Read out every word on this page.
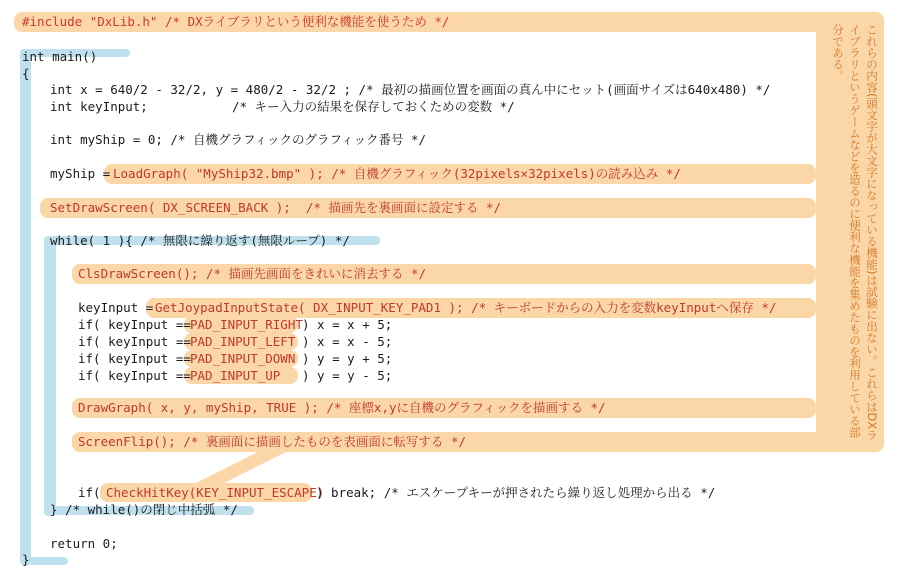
#include "DxLib.h" /* DXライブラリという便利な機能を使うため */
int main()
{
int x = 640/2 - 32/2, y = 480/2 - 32/2 ; /* 最初の描画位置を画面の真ん中にセット(画面サイズは640x480) */
int keyInput;	/* キー入力の結果を保存しておくための変数 */
int myShip = 0; /* 自機グラフィックのグラフィック番号 */
myShip =
LoadGraph( "MyShip32.bmp" ); /* 自機グラフィック(32pixels×32pixels)の読み込み */
SetDrawScreen( DX_SCREEN_BACK );  /* 描画先を裏画面に設定する */
while( 1 ){ /* 無限に繰り返す(無限ループ) */
ClsDrawScreen(); /* 描画先画面をきれいに消去する */
keyInput =
GetJoypadInputState( DX_INPUT_KEY_PAD1 ); /* キーボードからの入力を変数keyInputへ保存 */
if( keyInput == PAD_INPUT_RIGHT ) x = x + 5;
if( keyInput == PAD_INPUT_LEFT ) x = x - 5;
if( keyInput == PAD_INPUT_DOWN ) y = y + 5;
if( keyInput == PAD_INPUT_UP ) y = y - 5;
DrawGraph( x, y, myShip, TRUE ); /* 座標x,yに自機のグラフィックを描画する */
ScreenFlip(); /* 裏画面に描画したものを表画面に転写する */
if( CheckHitKey(KEY_INPUT_ESCAPE)
) break; /* エスケープキーが押されたら繰り返し処理から出る */
} /* while()の閉じ中括弧 */
return 0;
}
これらの内容(頭文字が大文字になっている機能)は試験に出ない。これらはDXライブラリというゲームなどを造るのに便利な機能を集めたものを利用している部分である。
